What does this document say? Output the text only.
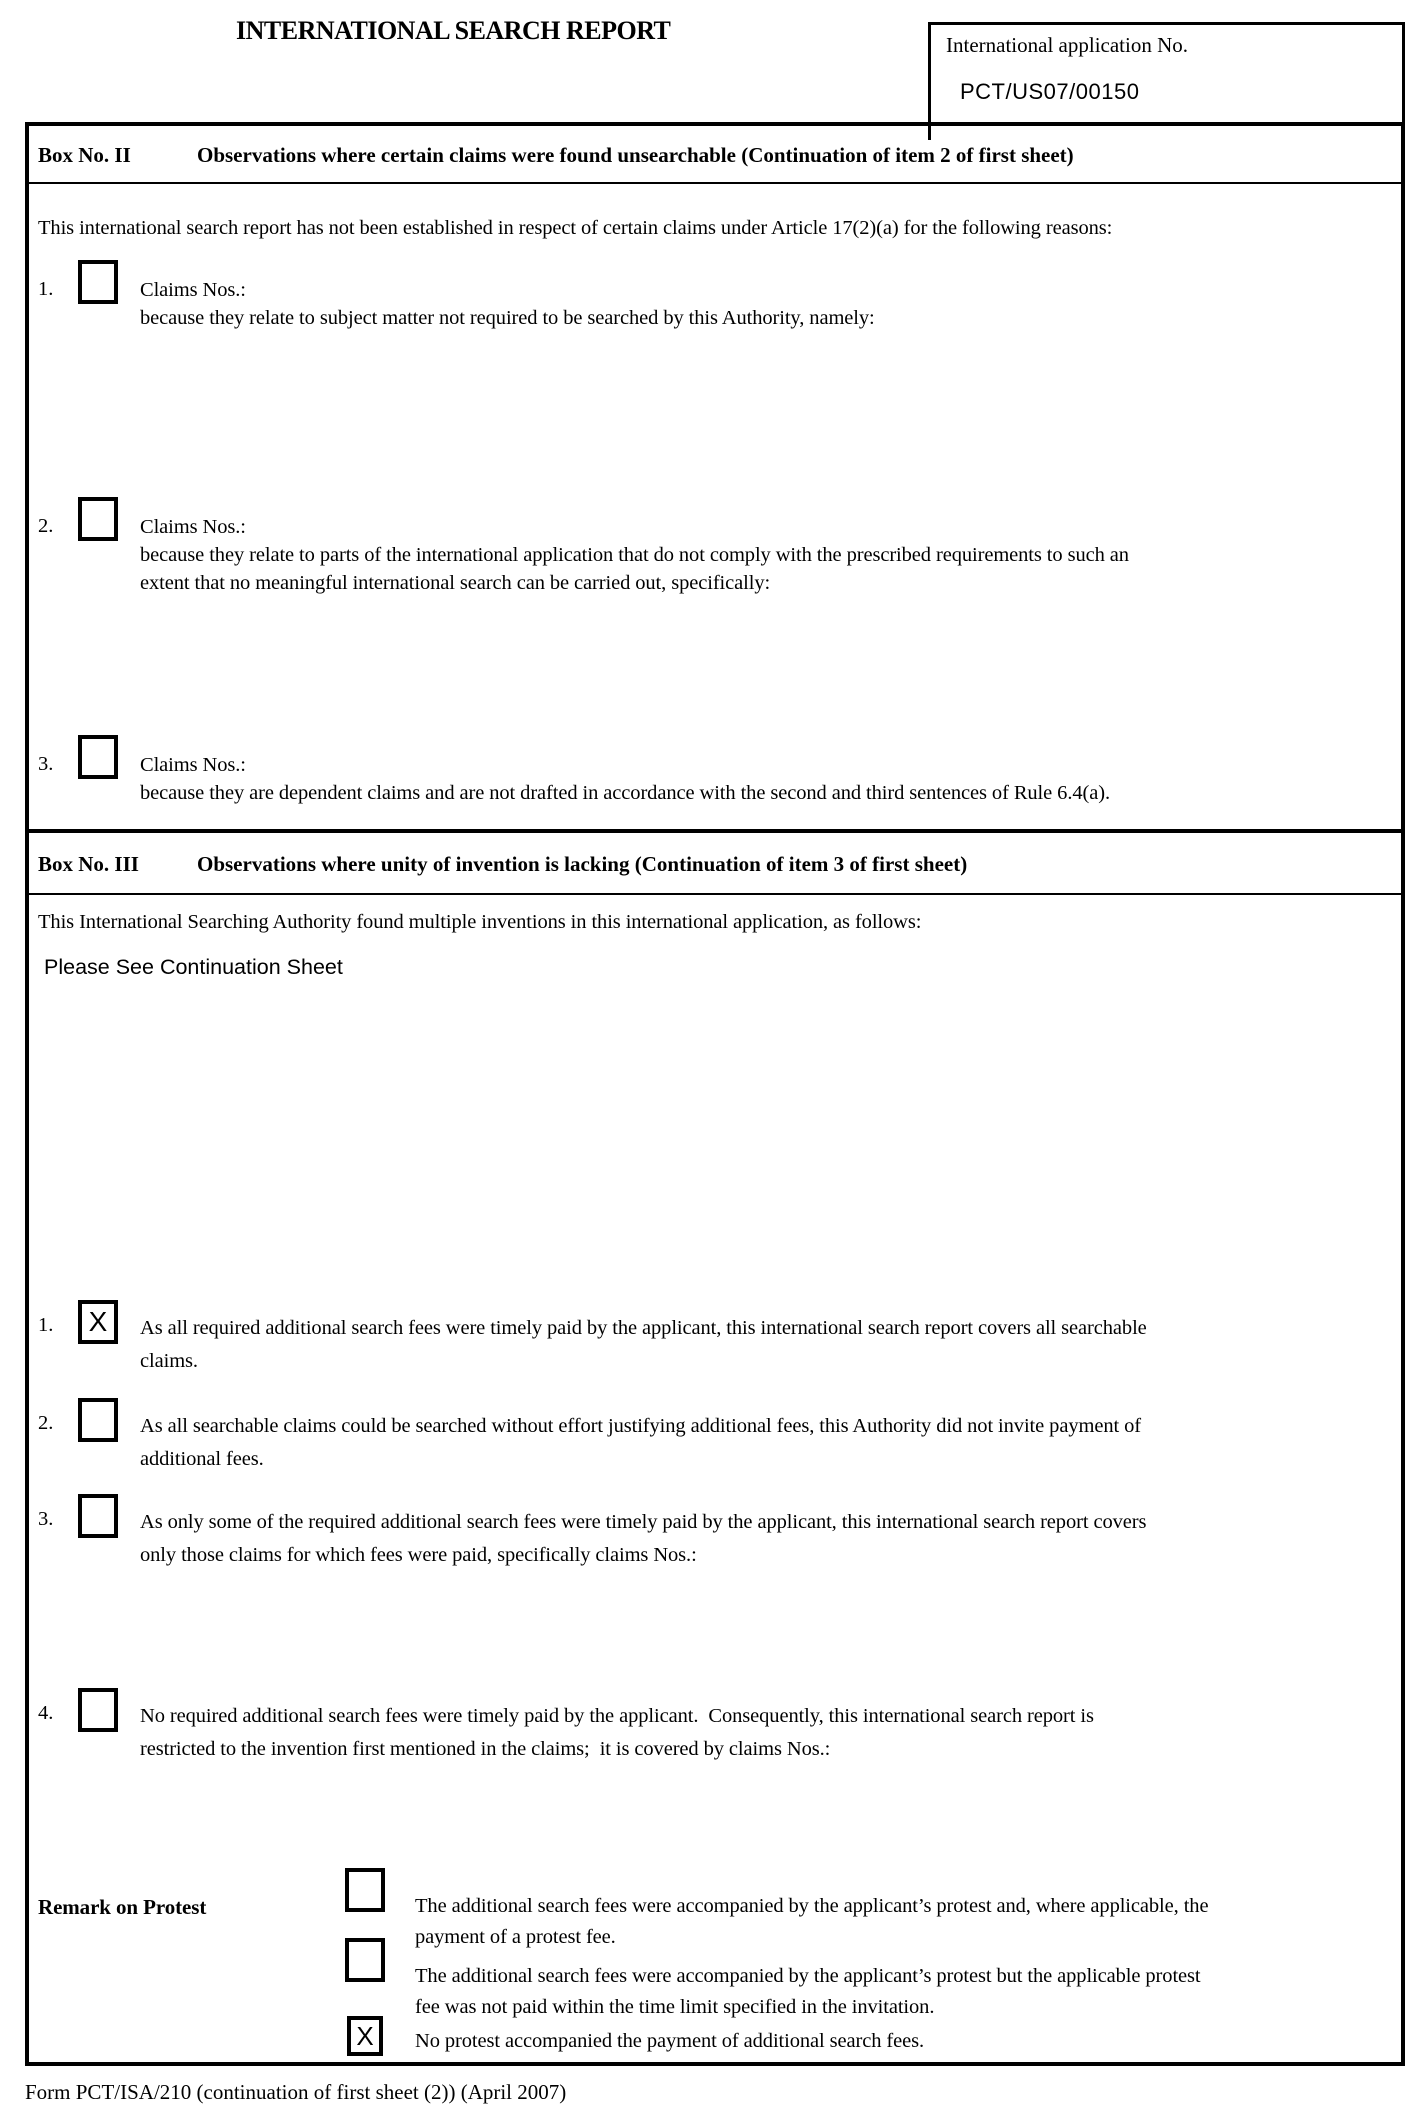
INTERNATIONAL SEARCH REPORT	International application No.
PCT/US07/00150
Box No. II	Observations where certain claims were found unsearchable (Continuation of item 2 of first sheet)
This international search report has not been established in respect of certain claims under Article 17(2)(a) for the following reasons:
1.	Claims Nos.:
because they relate to subject matter not required to be searched by this Authority, namely:
2.	Claims Nos.:
because they relate to parts of the international application that do not comply with the prescribed requirements to such an
extent that no meaningful international search can be carried out, specifically:
3.	Claims Nos.:
because they are dependent claims and are not drafted in accordance with the second and third sentences of Rule 6.4(a).
Box No. III	Observations where unity of invention is lacking (Continuation of item 3 of first sheet)
This International Searching Authority found multiple inventions in this international application, as follows:
Please See Continuation Sheet
1.	X	As all required additional search fees were timely paid by the applicant, this international search report covers all searchable
claims.
2.	As all searchable claims could be searched without effort justifying additional fees, this Authority did not invite payment of
additional fees.
3.	As only some of the required additional search fees were timely paid by the applicant, this international search report covers
only those claims for which fees were paid, specifically claims Nos.:
4.	No required additional search fees were timely paid by the applicant.  Consequently, this international search report is
restricted to the invention first mentioned in the claims;  it is covered by claims Nos.:
Remark on Protest	The additional search fees were accompanied by the applicant’s protest and, where applicable, the
payment of a protest fee.
The additional search fees were accompanied by the applicant’s protest but the applicable protest
fee was not paid within the time limit specified in the invitation.
X	No protest accompanied the payment of additional search fees.
Form PCT/ISA/210 (continuation of first sheet (2)) (April 2007)
